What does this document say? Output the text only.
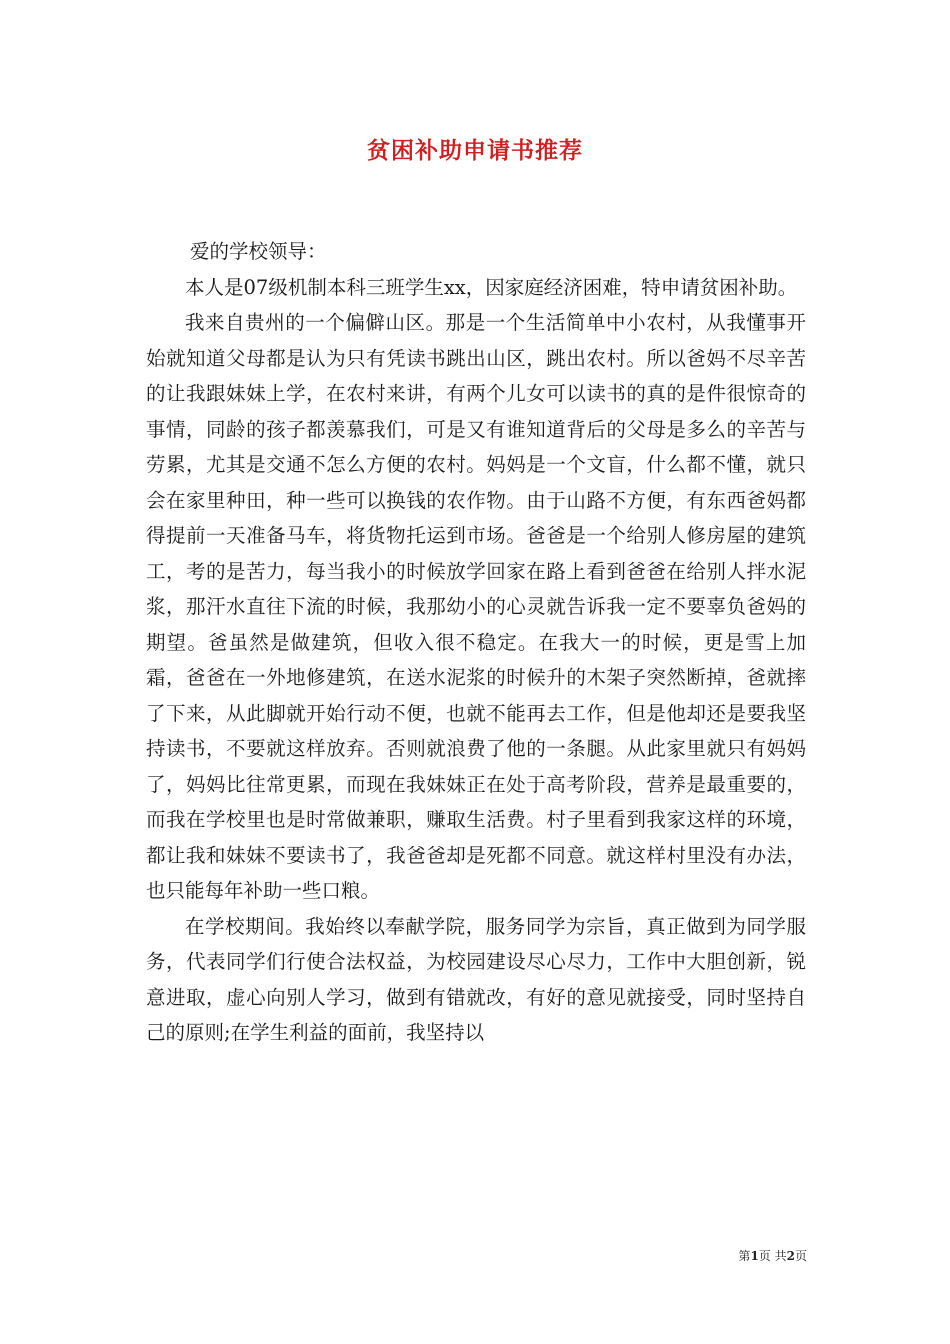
贫困补助申请书推荐

爱的学校领导：

本人是07级机制本科三班学生xx，因家庭经济困难，特申请贫困补助。

我来自贵州的一个偏僻山区。那是一个生活简单中小农村，从我懂事开始就知道父母都是认为只有凭读书跳出山区，跳出农村。所以爸妈不尽辛苦的让我跟妹妹上学，在农村来讲，有两个儿女可以读书的真的是件很惊奇的事情，同龄的孩子都羡慕我们，可是又有谁知道背后的父母是多么的辛苦与劳累，尤其是交通不怎么方便的农村。妈妈是一个文盲，什么都不懂，就只会在家里种田，种一些可以换钱的农作物。由于山路不方便，有东西爸妈都得提前一天准备马车，将货物托运到市场。爸爸是一个给别人修房屋的建筑工，考的是苦力，每当我小的时候放学回家在路上看到爸爸在给别人拌水泥浆，那汗水直往下流的时候，我那幼小的心灵就告诉我一定不要辜负爸妈的期望。爸虽然是做建筑，但收入很不稳定。在我大一的时候，更是雪上加霜，爸爸在一外地修建筑，在送水泥浆的时候升的木架子突然断掉，爸就摔了下来，从此脚就开始行动不便，也就不能再去工作，但是他却还是要我坚持读书，不要就这样放弃。否则就浪费了他的一条腿。从此家里就只有妈妈了，妈妈比往常更累，而现在我妹妹正在处于高考阶段，营养是最重要的，而我在学校里也是时常做兼职，赚取生活费。村子里看到我家这样的环境，都让我和妹妹不要读书了，我爸爸却是死都不同意。就这样村里没有办法，也只能每年补助一些口粮。

在学校期间。我始终以奉献学院，服务同学为宗旨，真正做到为同学服务，代表同学们行使合法权益，为校园建设尽心尽力，工作中大胆创新，锐意进取，虚心向别人学习，做到有错就改，有好的意见就接受，同时坚持自己的原则;在学生利益的面前，我坚持以

第1页 共2页
